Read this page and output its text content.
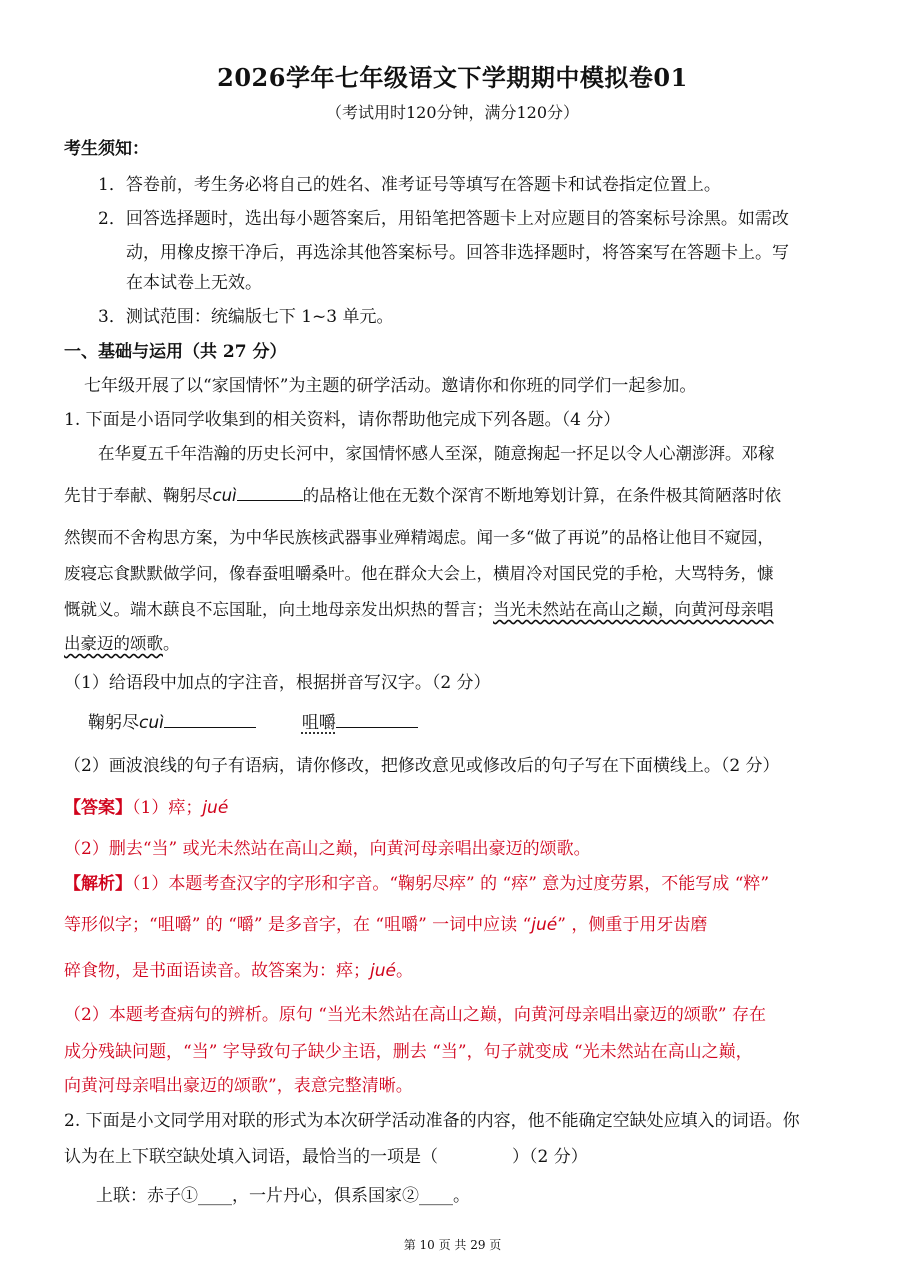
2026学年七年级语文下学期期中模拟卷01
（考试用时120分钟，满分120分）
考生须知：
1．答卷前，考生务必将自己的姓名、准考证号等填写在答题卡和试卷指定位置上。
2．回答选择题时，选出每小题答案后，用铅笔把答题卡上对应题目的答案标号涂黑。如需改
动，用橡皮擦干净后，再选涂其他答案标号。回答非选择题时，将答案写在答题卡上。写
在本试卷上无效。
3．测试范围：统编版七下 1~3 单元。
一、基础与运用（共 27 分）
七年级开展了以“家国情怀”为主题的研学活动。邀请你和你班的同学们一起参加。
1. 下面是小语同学收集到的相关资料，请你帮助他完成下列各题。（4 分）
在华夏五千年浩瀚的历史长河中，家国情怀感人至深，随意掬起一抔足以令人心潮澎湃。邓稼
先甘于奉献、鞠躬尽cuì	的品格让他在无数个深宵不断地筹划计算，在条件极其简陋落时依
然锲而不舍构思方案，为中华民族核武器事业殚精竭虑。闻一多“做了再说”的品格让他目不窥园，
废寝忘食默默做学问，像春蚕咀嚼桑叶。他在群众大会上，横眉冷对国民党的手枪，大骂特务，慷
慨就义。端木蕻良不忘国耻，向土地母亲发出炽热的誓言；当光未然站在高山之巅，向黄河母亲唱
出豪迈的颂歌。
（1）给语段中加点的字注音，根据拼音写汉字。（2 分）
鞠躬尽cuì	咀嚼
（2）画波浪线的句子有语病，请你修改，把修改意见或修改后的句子写在下面横线上。（2 分）
【答案】（1）瘁；jué
（2）删去“当” 或光未然站在高山之巅，向黄河母亲唱出豪迈的颂歌。
【解析】（1）本题考查汉字的字形和字音。“鞠躬尽瘁” 的 “瘁” 意为过度劳累，不能写成 “粹”
等形似字；“咀嚼” 的 “嚼” 是多音字，在 “咀嚼” 一词中应读 “jué” ，侧重于用牙齿磨
碎食物，是书面语读音。故答案为：瘁；jué。
（2）本题考查病句的辨析。原句 “当光未然站在高山之巅，向黄河母亲唱出豪迈的颂歌” 存在
成分残缺问题，“当” 字导致句子缺少主语，删去 “当”，句子就变成 “光未然站在高山之巅，
向黄河母亲唱出豪迈的颂歌”，表意完整清晰。
2. 下面是小文同学用对联的形式为本次研学活动准备的内容，他不能确定空缺处应填入的词语。你
认为在上下联空缺处填入词语，最恰当的一项是（	）（2 分）
上联：赤子①____，一片丹心，俱系国家②____。
第 10 页 共 29 页
